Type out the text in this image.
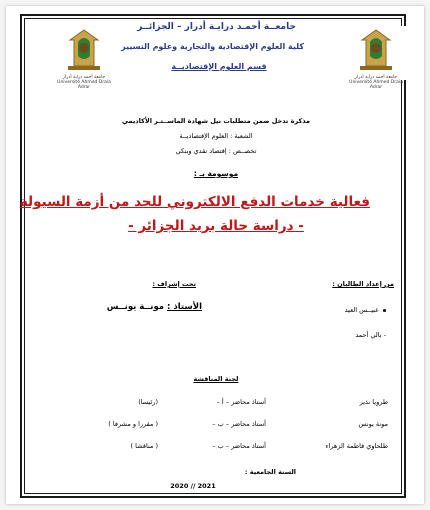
جامعة أحمد دراية أدرار Université Ahmed Draia Adrar
جامعة أحمد دراية أدرار Université Ahmed Draia Adrar
جامعــة أحمـد درايـة أدرار – الجزائــر
كلية العلوم الإقتصادية والتجارية وعلوم التسيير
قسم العلوم الإقتصاديــة
مذكرة تدخل ضمن متطلبات نيل شهادة الماســتـر الأكاديمي
الشعبة : العلوم الإقتصاديــة
تخصــص : إقتصاد نقدي وبنكي
موسومة بـ :
فعالية خدمات الدفع الالكتروني للحد من أزمة السيولة
- دراسة حالة بريد الجزائر -
من إعداد الطالبان :
عبيــس العيد
- بالي أحمد
تحت إشراف :
الأستاذ : مونــة يونــس
لجنة المناقشة
طرويا نذير
أستاذ محاضر – أ –
(رئيسا)
مونة يونس
أستاذ محاضر – ب –
( مقررا و مشرفا )
طلحاوي فاطمة الزهراء
أستاذ محاضر – ب –
( مناقشا )
السنة الجامعية :
2020 // 2021
